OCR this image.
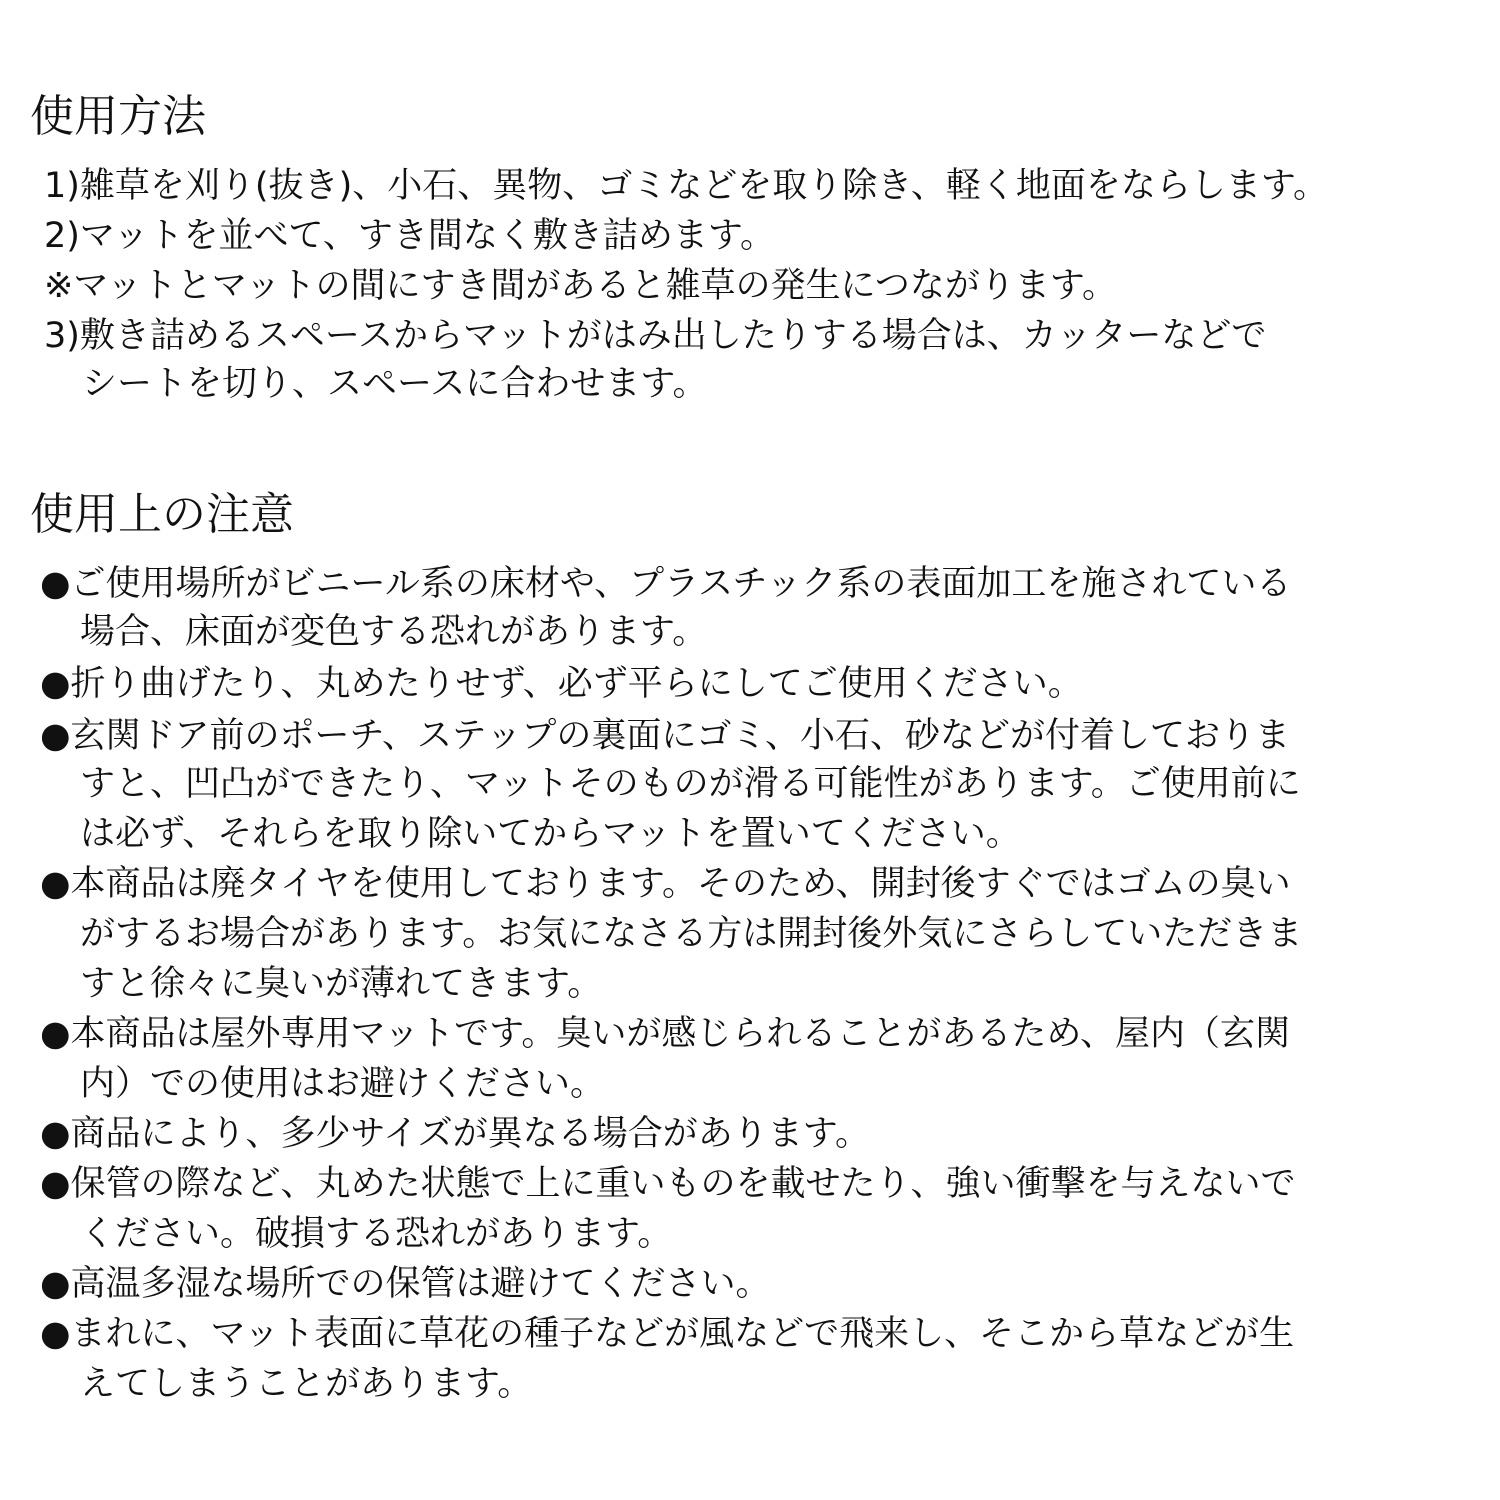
使用方法

1)雑草を刈り(抜き)、小石、異物、ゴミなどを取り除き、軽く地面をならします。

2)マットを並べて、すき間なく敷き詰めます。

※マットとマットの間にすき間があると雑草の発生につながります。

3)敷き詰めるスペースからマットがはみ出したりする場合は、カッターなどで

シートを切り、スペースに合わせます。

使用上の注意

●ご使用場所がビニール系の床材や、プラスチック系の表面加工を施されている

場合、床面が変色する恐れがあります。

●折り曲げたり、丸めたりせず、必ず平らにしてご使用ください。

●玄関ドア前のポーチ、ステップの裏面にゴミ、小石、砂などが付着しておりま

すと、凹凸ができたり、マットそのものが滑る可能性があります。ご使用前に

は必ず、それらを取り除いてからマットを置いてください。

●本商品は廃タイヤを使用しております。そのため、開封後すぐではゴムの臭い

がするお場合があります。お気になさる方は開封後外気にさらしていただきま

すと徐々に臭いが薄れてきます。

●本商品は屋外専用マットです。臭いが感じられることがあるため、屋内（玄関

内）での使用はお避けください。

●商品により、多少サイズが異なる場合があります。

●保管の際など、丸めた状態で上に重いものを載せたり、強い衝撃を与えないで

ください。破損する恐れがあります。

●高温多湿な場所での保管は避けてください。

●まれに、マット表面に草花の種子などが風などで飛来し、そこから草などが生

えてしまうことがあります。
